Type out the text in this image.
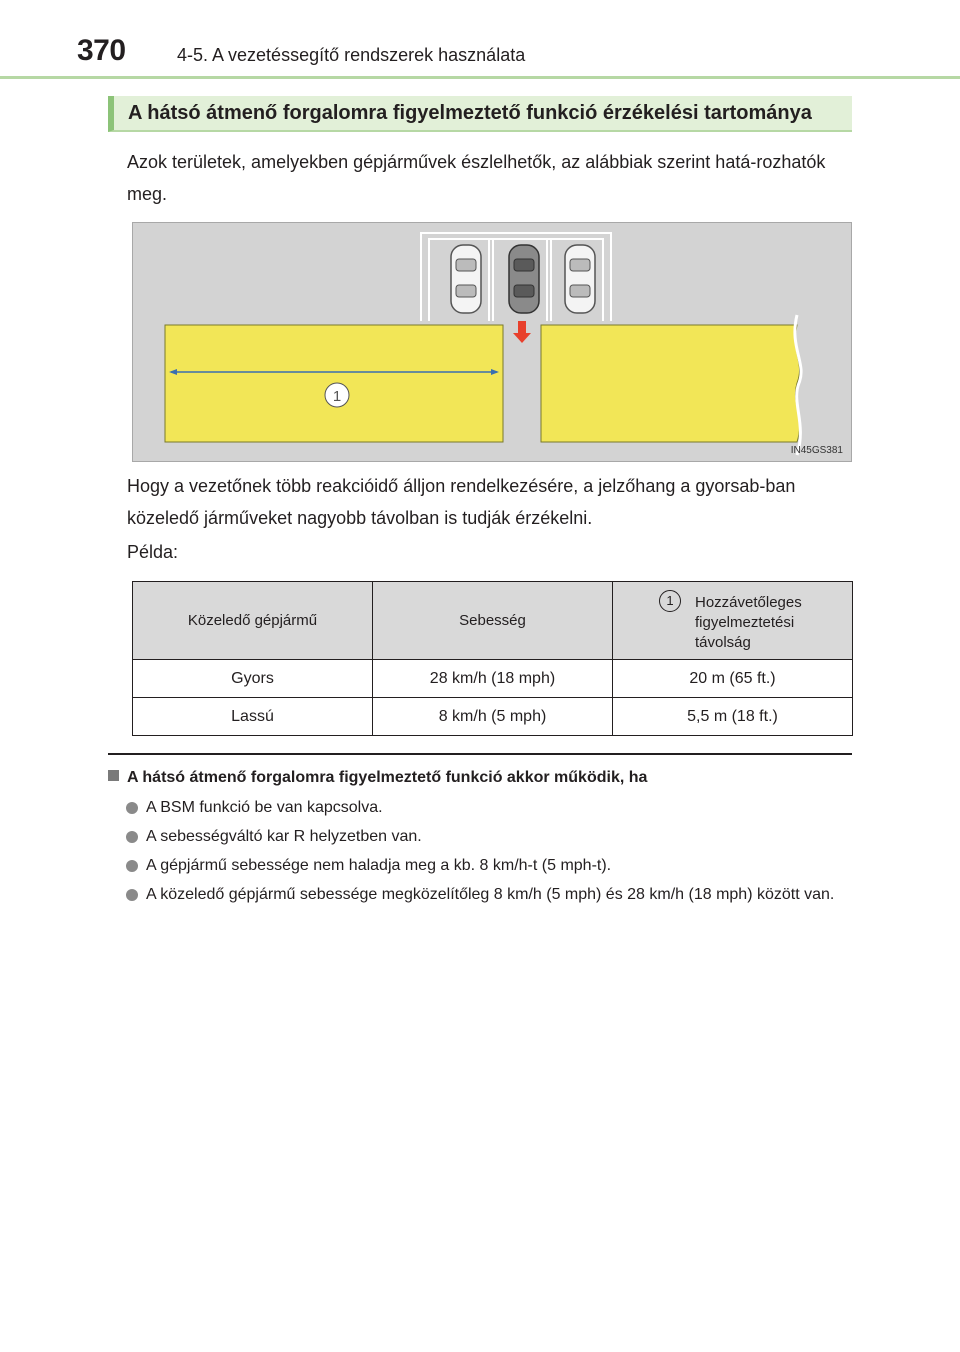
370	4-5. A vezetéssegítő rendszerek használata
A hátsó átmenő forgalomra figyelmeztető funkció érzékelési tartománya
Azok területek, amelyekben gépjárművek észlelhetők, az alábbiak szerint hatá-rozhatók meg.
1
IN45GS381
Hogy a vezetőnek több reakcióidő álljon rendelkezésére, a jelzőhang a gyorsab-ban közeledő járműveket nagyobb távolban is tudják érzékelni.
Példa:
Közeledő gépjármű	Sebesség	1 Hozzávetőleges figyelmeztetési távolság

Gyors	28 km/h (18 mph)	20 m (65 ft.)
Lassú	8 km/h (5 mph)	5,5 m (18 ft.)
A hátsó átmenő forgalomra figyelmeztető funkció akkor működik, ha
A BSM funkció be van kapcsolva.
A sebességváltó kar R helyzetben van.
A gépjármű sebessége nem haladja meg a kb. 8 km/h-t (5 mph-t).
A közeledő gépjármű sebessége megközelítőleg 8 km/h (5 mph) és 28 km/h (18 mph) között van.
